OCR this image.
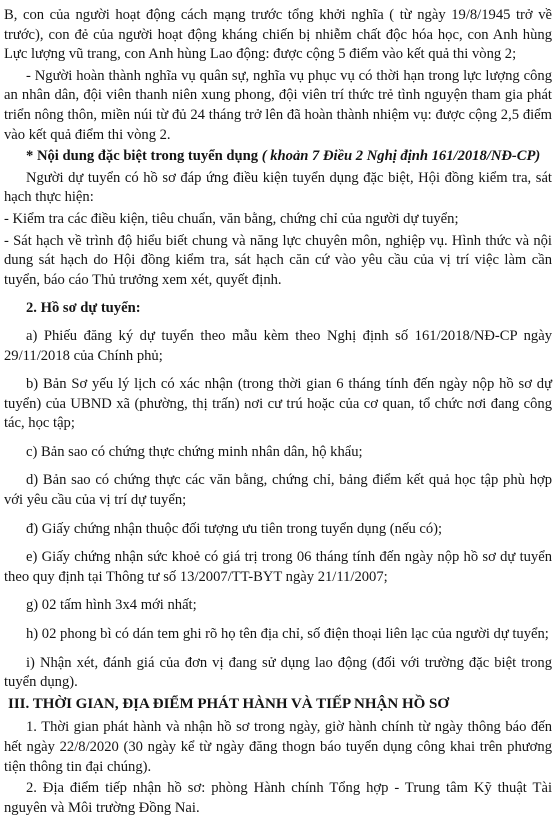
B, con của người hoạt động cách mạng trước tổng khởi nghĩa ( từ ngày 19/8/1945 trở về trước), con đẻ của người hoạt động kháng chiến bị nhiễm chất độc hóa học, con Anh hùng Lực lượng vũ trang, con Anh hùng Lao động: được cộng 5 điểm vào kết quả thi vòng 2;

- Người hoàn thành nghĩa vụ quân sự, nghĩa vụ phục vụ có thời hạn trong lực lượng công an nhân dân, đội viên thanh niên xung phong, đội viên trí thức trẻ tình nguyện tham gia phát triển nông thôn, miền núi từ đủ 24 tháng trở lên đã hoàn thành nhiệm vụ: được cộng 2,5 điểm vào kết quả điểm thi vòng 2.

* Nội dung đặc biệt trong tuyển dụng ( khoản 7 Điều 2 Nghị định 161/2018/NĐ-CP)

Người dự tuyển có hồ sơ đáp ứng điều kiện tuyển dụng đặc biệt, Hội đồng kiểm tra, sát hạch thực hiện:

- Kiểm tra các điều kiện, tiêu chuẩn, văn bằng, chứng chỉ của người dự tuyển;

- Sát hạch về trình độ hiểu biết chung và năng lực chuyên môn, nghiệp vụ. Hình thức và nội dung sát hạch do Hội đồng kiểm tra, sát hạch căn cứ vào yêu cầu của vị trí việc làm cần tuyển, báo cáo Thủ trưởng xem xét, quyết định.

2. Hồ sơ dự tuyển:

a) Phiếu đăng ký dự tuyển theo mẫu kèm theo Nghị định số 161/2018/NĐ-CP ngày 29/11/2018 của Chính phủ;

b) Bản Sơ yếu lý lịch có xác nhận (trong thời gian 6 tháng tính đến ngày nộp hồ sơ dự tuyển) của UBND xã (phường, thị trấn) nơi cư trú hoặc của cơ quan, tổ chức nơi đang công tác, học tập;

c) Bản sao có chứng thực chứng minh nhân dân, hộ khẩu;

d) Bản sao có chứng thực các văn bằng, chứng chỉ, bảng điểm kết quả học tập phù hợp với yêu cầu của vị trí dự tuyển;

đ) Giấy chứng nhận thuộc đối tượng ưu tiên trong tuyển dụng (nếu có);

e) Giấy chứng nhận sức khoẻ có giá trị trong 06 tháng tính đến ngày nộp hồ sơ dự tuyển theo quy định tại Thông tư số 13/2007/TT-BYT ngày 21/11/2007;

g) 02 tấm hình 3x4 mới nhất;

h) 02 phong bì có dán tem ghi rõ họ tên địa chỉ, số điện thoại liên lạc của người dự tuyển;

i) Nhận xét, đánh giá của đơn vị đang sử dụng lao động (đối với trường đặc biệt trong tuyển dụng).

III. THỜI GIAN, ĐỊA ĐIỂM PHÁT HÀNH VÀ TIẾP NHẬN HỒ SƠ

1. Thời gian phát hành và nhận hồ sơ trong ngày, giờ hành chính từ ngày thông báo đến hết ngày 22/8/2020 (30 ngày kể từ ngày đăng thogn báo tuyển dụng công khai trên phương tiện thông tin đại chúng).

2. Địa điểm tiếp nhận hồ sơ: phòng Hành chính Tổng hợp - Trung tâm Kỹ thuật Tài nguyên và Môi trường Đồng Nai.
